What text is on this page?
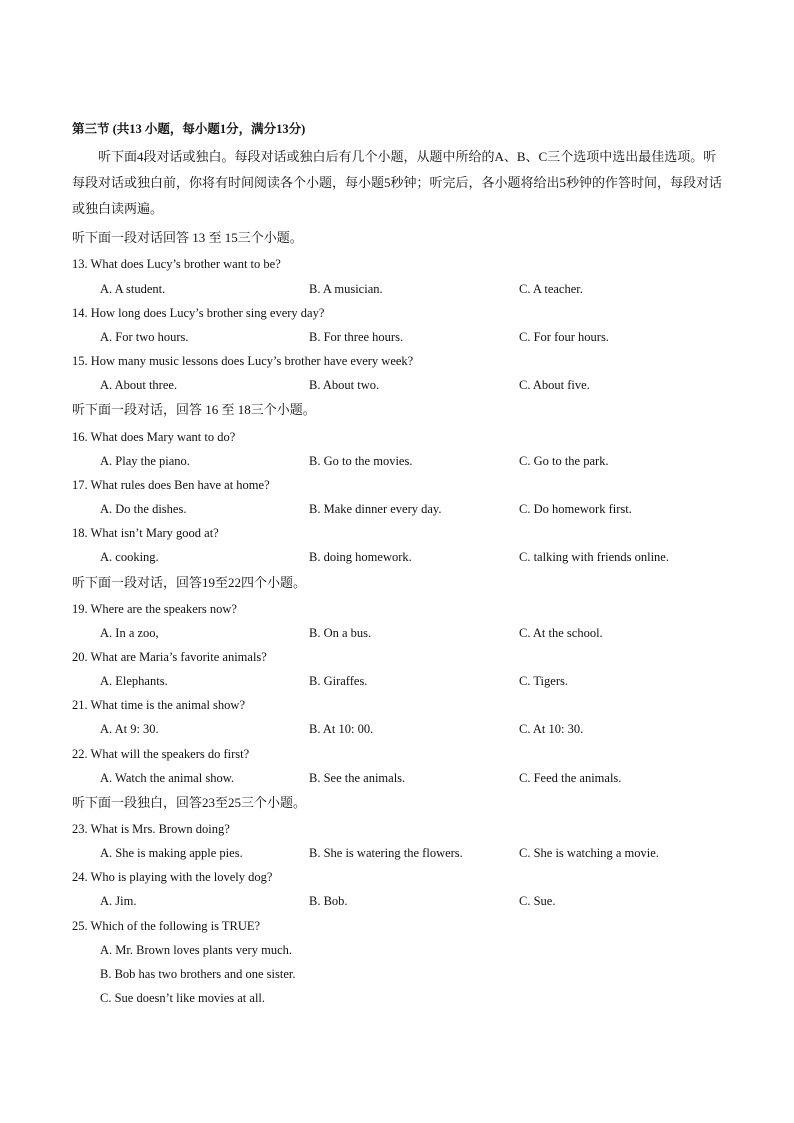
第三节 (共13 小题，每小题1分，满分13分)
听下面4段对话或独白。每段对话或独白后有几个小题，从题中所给的A、B、C三个选项中选出最佳选项。听每段对话或独白前，你将有时间阅读各个小题，每小题5秒钟；听完后，各小题将给出5秒钟的作答时间，每段对话或独白读两遍。
听下面一段对话回答 13 至 15三个小题。
13. What does Lucy’s brother want to be?
A. A student.	B. A musician.	C. A teacher.
14. How long does Lucy’s brother sing every day?
A. For two hours.	B. For three hours.	C. For four hours.
15. How many music lessons does Lucy’s brother have every week?
A. About three.	B. About two.	C. About five.
听下面一段对话，回答 16 至 18三个小题。
16. What does Mary want to do?
A. Play the piano.	B. Go to the movies.	C. Go to the park.
17. What rules does Ben have at home?
A. Do the dishes.	B. Make dinner every day.	C. Do homework first.
18. What isn’t Mary good at?
A. cooking.	B. doing homework.	C. talking with friends online.
听下面一段对话，回答19至22四个小题。
19. Where are the speakers now?
A. In a zoo,	B. On a bus.	C. At the school.
20. What are Maria’s favorite animals?
A. Elephants.	B. Giraffes.	C. Tigers.
21. What time is the animal show?
A. At 9: 30.	B. At 10: 00.	C. At 10: 30.
22. What will the speakers do first?
A. Watch the animal show.	B. See the animals.	C. Feed the animals.
听下面一段独白，回答23至25三个小题。
23. What is Mrs. Brown doing?
A. She is making apple pies.	B. She is watering the flowers.	C. She is watching a movie.
24. Who is playing with the lovely dog?
A. Jim.	B. Bob.	C. Sue.
25. Which of the following is TRUE?
A. Mr. Brown loves plants very much.
B. Bob has two brothers and one sister.
C. Sue doesn’t like movies at all.
